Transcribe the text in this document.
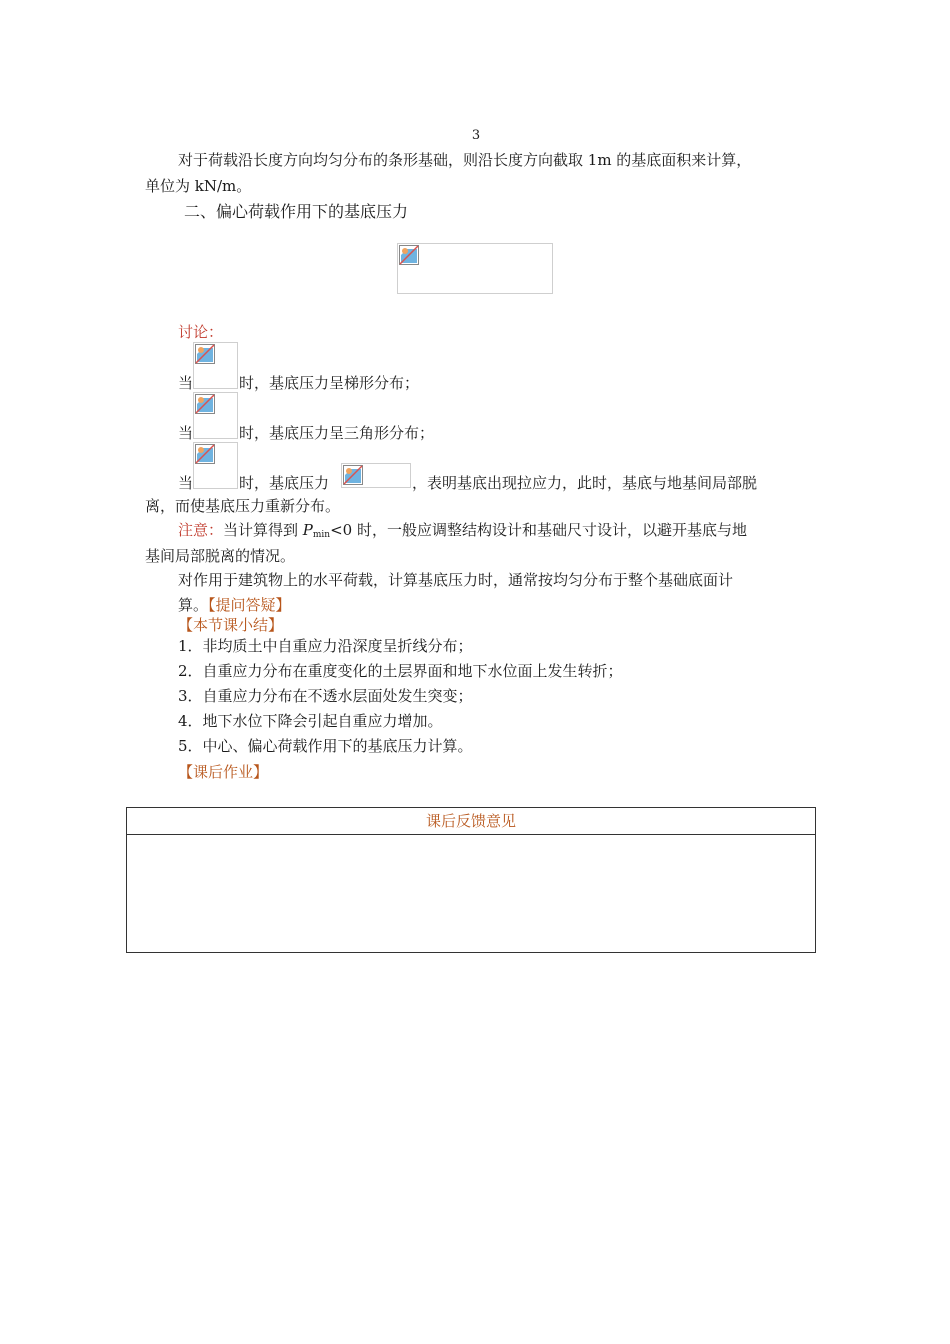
3
对于荷载沿长度方向均匀分布的条形基础，则沿长度方向截取 1m 的基底面积来计算，
单位为 kN/m。
二、偏心荷载作用下的基底压力
讨论：
当	时，基底压力呈梯形分布；
当	时，基底压力呈三角形分布；
当	时，基底压力	，表明基底出现拉应力，此时，基底与地基间局部脱
离，而使基底压力重新分布。
注意：当计算得到 $P_{min}<0$ 时，一般应调整结构设计和基础尺寸设计，以避开基底与地
基间局部脱离的情况。
对作用于建筑物上的水平荷载，计算基底压力时，通常按均匀分布于整个基础底面计
算。【提问答疑】
【本节课小结】
1．非均质土中自重应力沿深度呈折线分布；
2．自重应力分布在重度变化的土层界面和地下水位面上发生转折；
3．自重应力分布在不透水层面处发生突变；
4．地下水位下降会引起自重应力增加。
5．中心、偏心荷载作用下的基底压力计算。
【课后作业】
课后反馈意见
